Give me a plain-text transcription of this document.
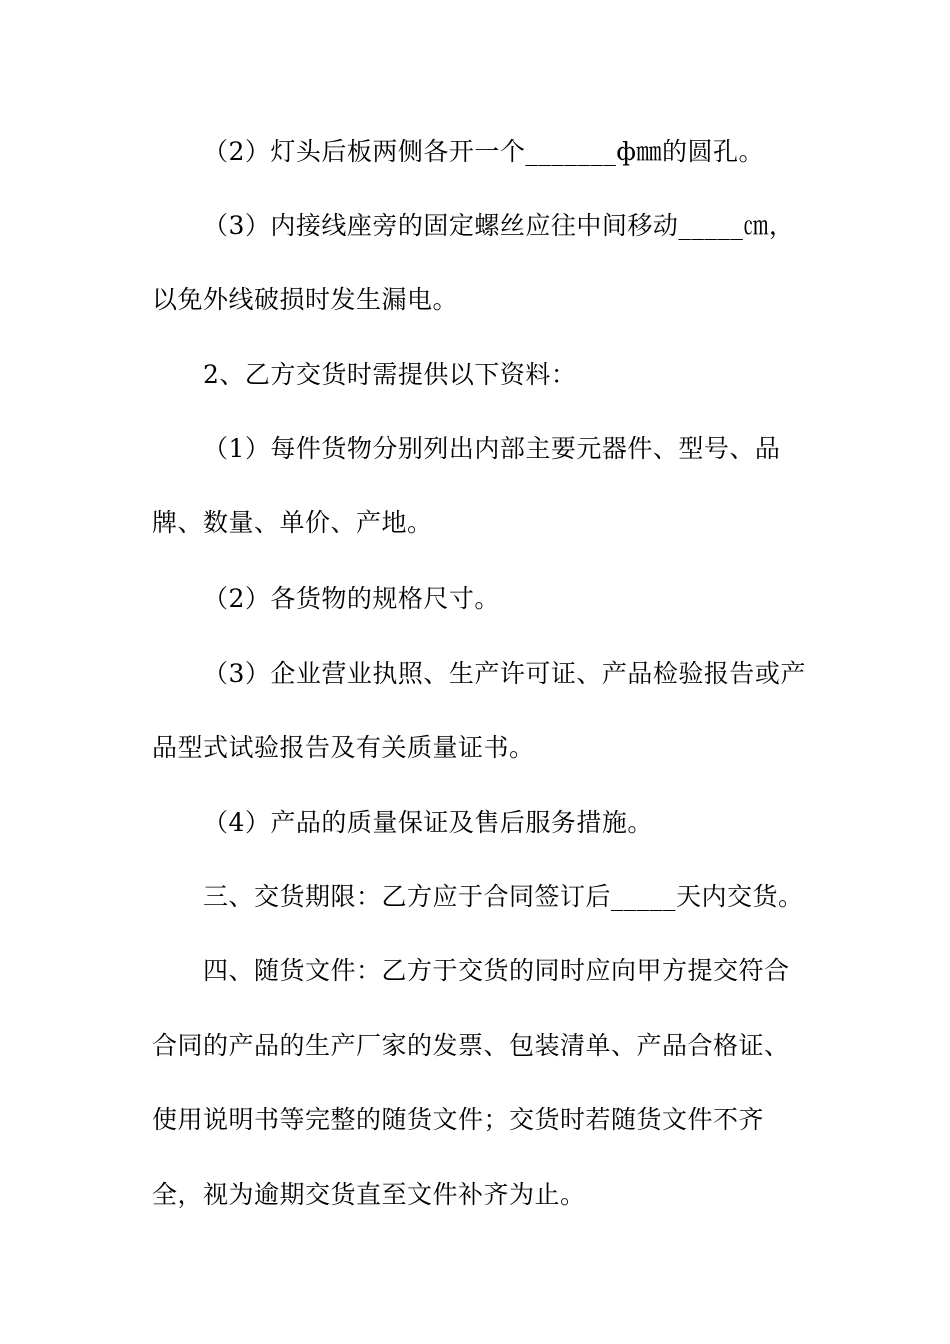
（2）灯头后板两侧各开一个_______ф㎜的圆孔。
（3）内接线座旁的固定螺丝应往中间移动_____㎝，
以免外线破损时发生漏电。
2、乙方交货时需提供以下资料：
（1）每件货物分别列出内部主要元器件、型号、品
牌、数量、单价、产地。
（2）各货物的规格尺寸。
（3）企业营业执照、生产许可证、产品检验报告或产
品型式试验报告及有关质量证书。
（4）产品的质量保证及售后服务措施。
三、交货期限：乙方应于合同签订后_____天内交货。
四、随货文件：乙方于交货的同时应向甲方提交符合
合同的产品的生产厂家的发票、包装清单、产品合格证、
使用说明书等完整的随货文件；交货时若随货文件不齐
全，视为逾期交货直至文件补齐为止。
